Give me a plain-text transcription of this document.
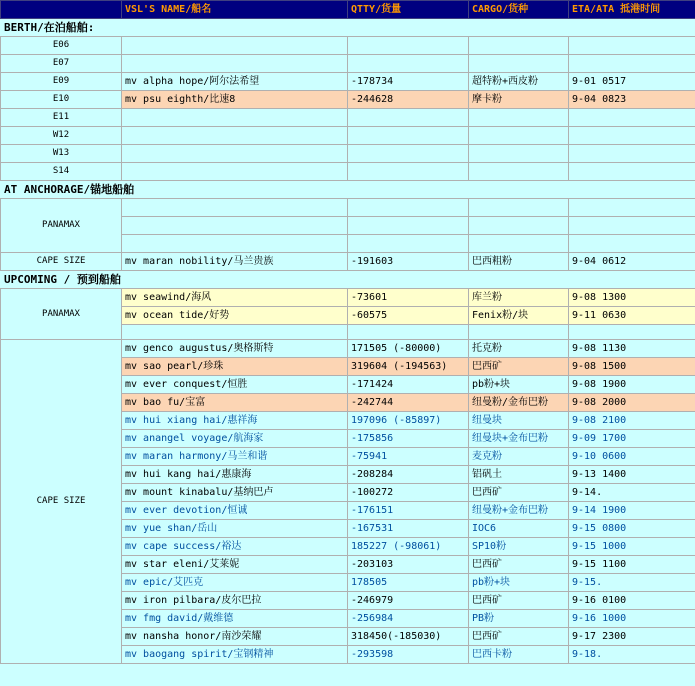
	VSL'S NAME/船名	QTTY/货量	CARGO/货种	ETA/ATA 抵港时间
BERTH/在泊船舶:				
E06				
E07				
E09	mv alpha hope/阿尔法希望	-178734	超特粉+西皮粉	9-01 0517
E10	mv psu eighth/比速8	-244628	摩卡粉	9-04 0823
E11				
W12				
W13				
S14				
AT ANCHORAGE/锚地船舶				
PANAMAX				

CAPE SIZE	mv maran nobility/马兰贵族	-191603	巴西粗粉	9-04 0612
UPCOMING / 预到船舶				
PANAMAX	mv seawind/海风	-73601	库兰粉	9-08 1300
	mv ocean tide/好势	-60575	Fenix粉/块	9-11 0630

CAPE SIZE	mv genco augustus/奥格斯特	171505 (-80000)	托克粉	9-08 1130
	mv sao pearl/珍珠	319604 (-194563)	巴西矿	9-08 1500
	mv ever conquest/恒胜	-171424	pb粉+块	9-08 1900
	mv bao fu/宝富	-242744	纽曼粉/金布巴粉	9-08 2000
	mv hui xiang hai/惠祥海	197096 (-85897)	纽曼块	9-08 2100
	mv anangel voyage/航海家	-175856	纽曼块+金布巴粉	9-09 1700
	mv maran harmony/马兰和谐	-75941	麦克粉	9-10 0600
	mv hui kang hai/惠康海	-208284	铝矾土	9-13 1400
	mv mount kinabalu/基纳巴卢	-100272	巴西矿	9-14.
	mv ever devotion/恒诚	-176151	纽曼粉+金布巴粉	9-14 1900
	mv yue shan/岳山	-167531	IOC6	9-15 0800
	mv cape success/裕达	185227 (-98061)	SP10粉	9-15 1000
	mv star eleni/艾莱妮	-203103	巴西矿	9-15 1100
	mv epic/艾匹克	178505	pb粉+块	9-15.
	mv iron pilbara/皮尔巴拉	-246979	巴西矿	9-16 0100
	mv fmg david/戴维德	-256984	PB粉	9-16 1000
	mv nansha honor/南沙荣耀	318450(-185030)	巴西矿	9-17 2300
	mv baogang spirit/宝钢精神	-293598	巴西卡粉	9-18.
